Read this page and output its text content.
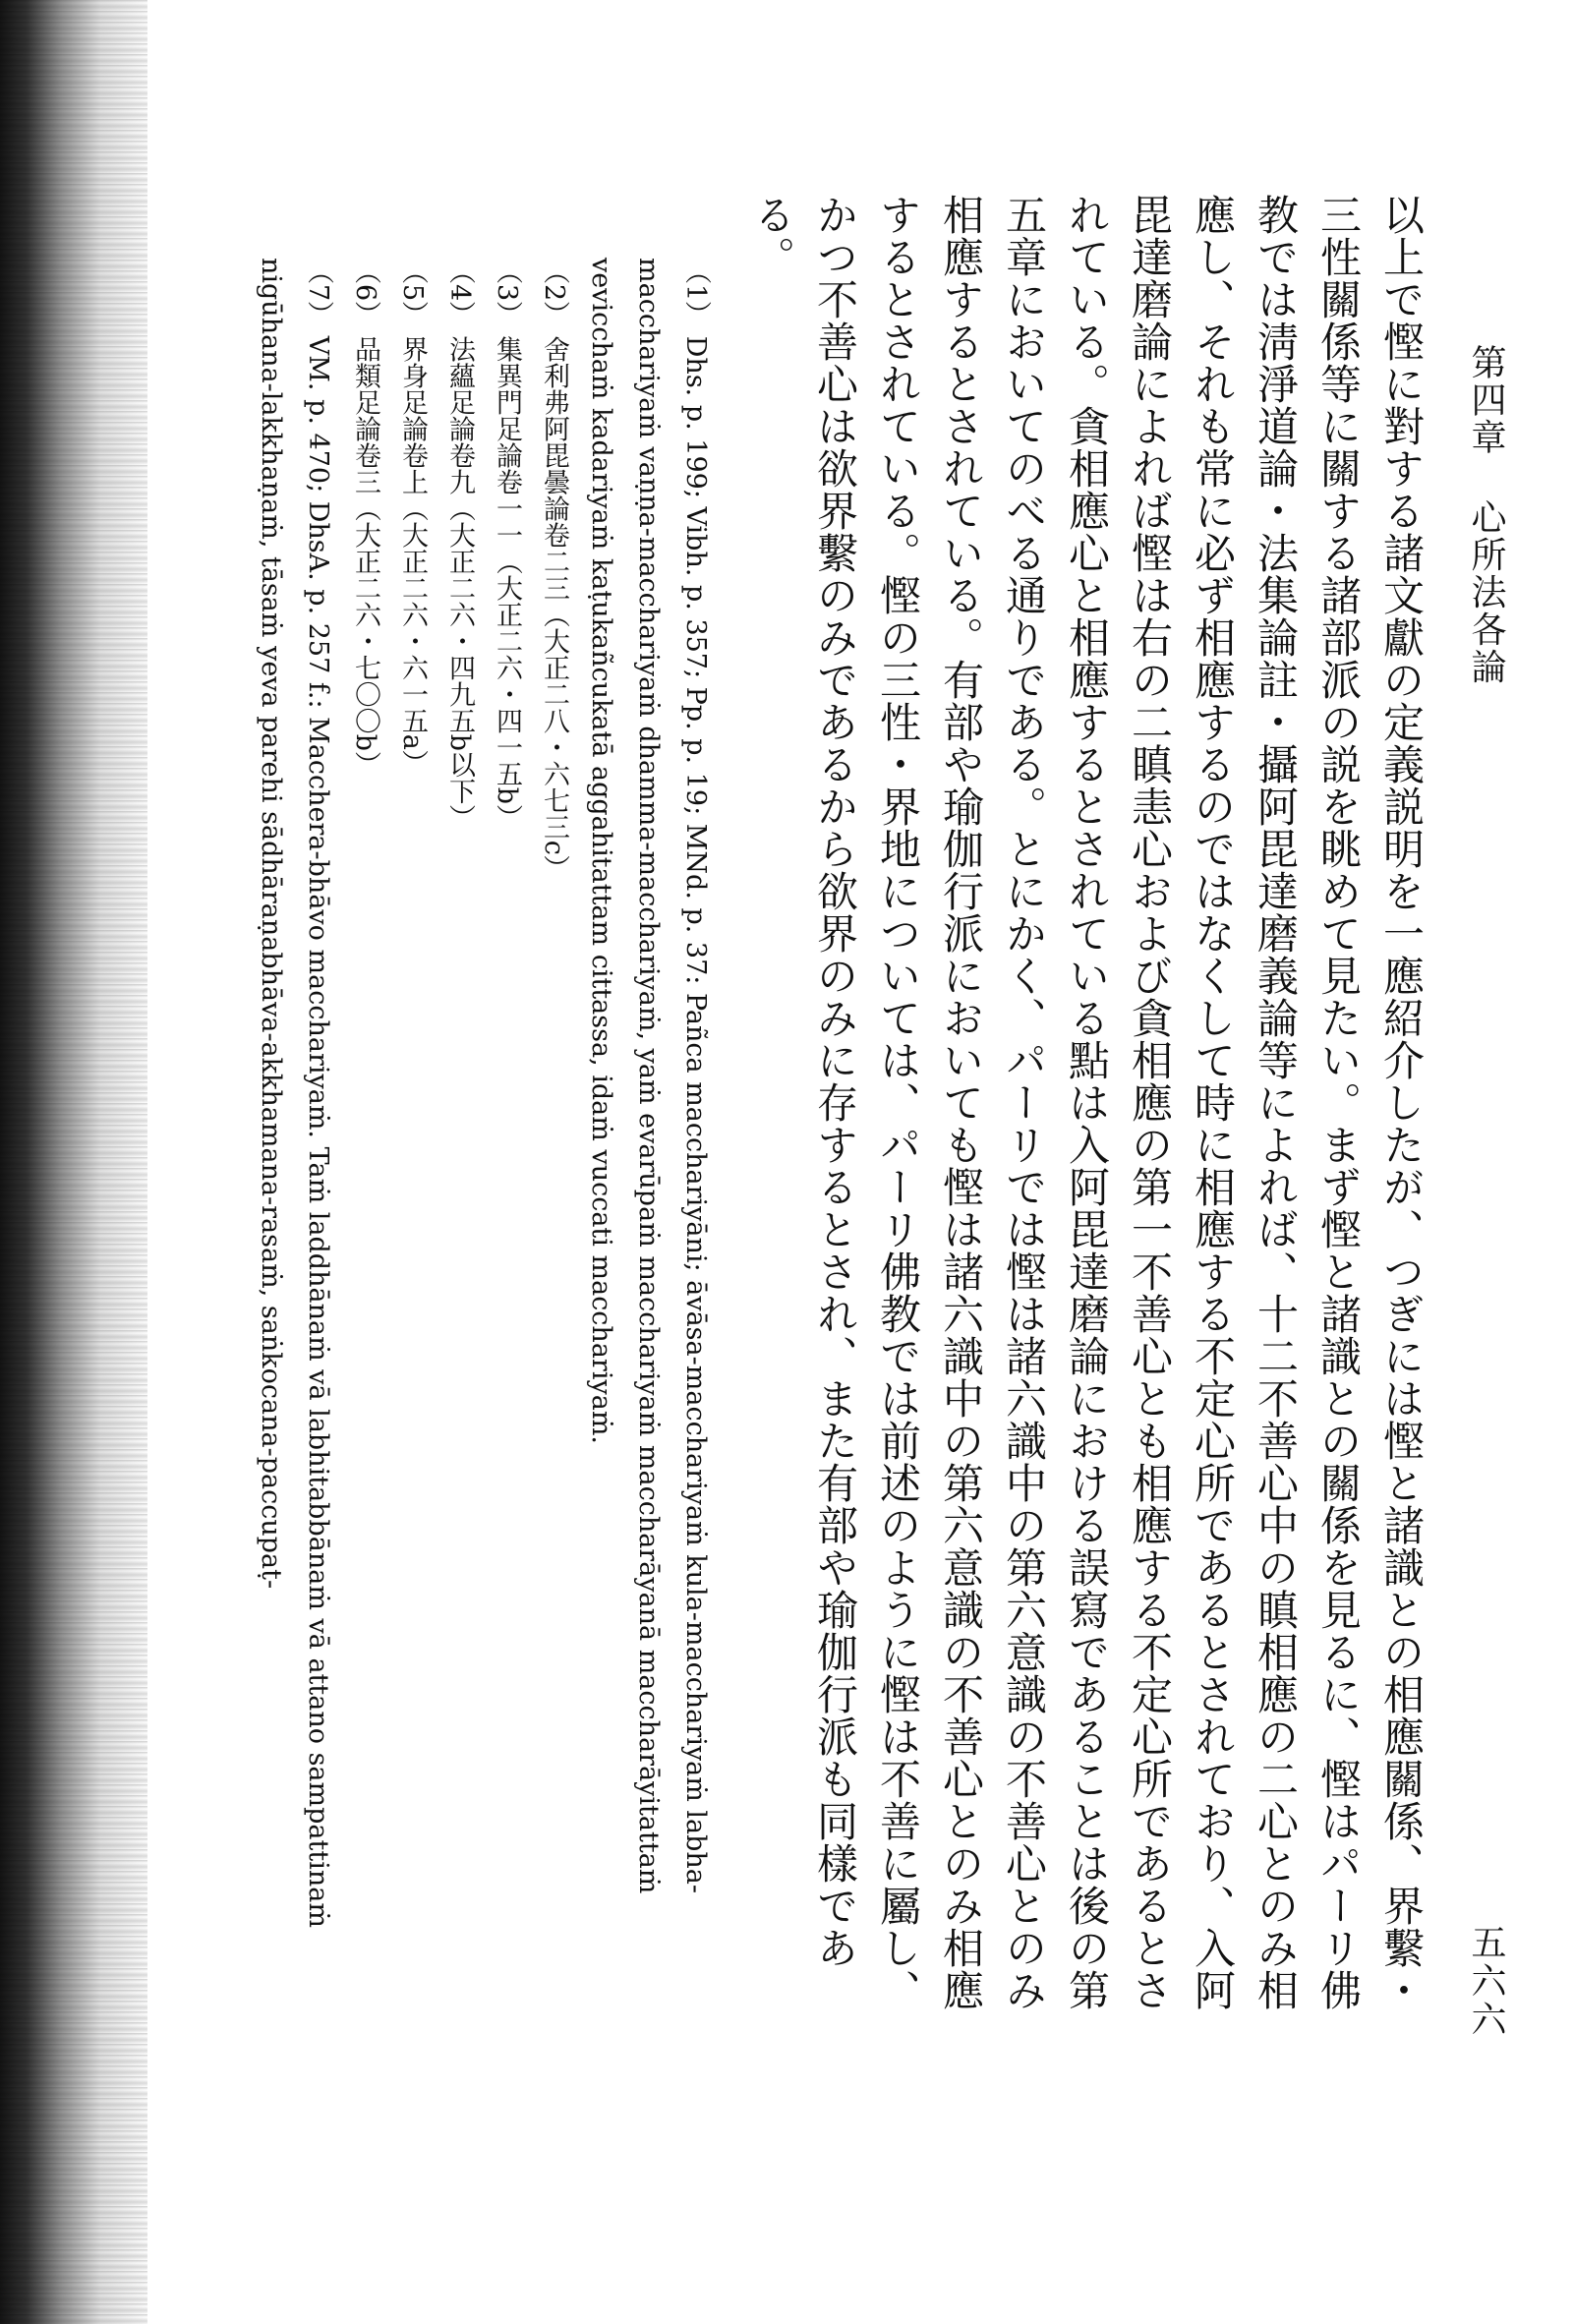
第四章 心所法各論
五六六

以上で慳に對する諸文獻の定義説明を一應紹介したが、つぎには慳と諸識との相應關係、界繫・三性關係等に關する諸部派の説を眺めて見たい。まず慳と諸識との關係を見るに、慳はパーリ佛教では淸淨道論・法集論註・攝阿毘達磨義論等によれば、十二不善心中の瞋相應の二心とのみ相應し、それも常に必ず相應するのではなくして時に相應する不定心所であるとされており、入阿毘達磨論によれば慳は右の二瞋恚心および貪相應の第一不善心とも相應する不定心所であるとされている。貪相應心と相應するとされている點は入阿毘達磨論における誤寫であることは後の第五章においてのべる通りである。とにかく、パーリでは慳は諸六識中の第六意識の不善心とのみ相應するとされている。有部や瑜伽行派においても慳は諸六識中の第六意識の不善心とのみ相應するとされている。慳の三性・界地については、パーリ佛教では前述のように慳は不善に屬し、かつ不善心は欲界繫のみであるから欲界のみに存するとされ、また有部や瑜伽行派も同樣である。

（1） Dhs. p. 199; Vibh. p. 357; Pp. p. 19; MNd. p. 37: Pañca macchariyāni; āvāsa-macchariyaṁ kula-macchariyaṁ labha-macchariyaṁ vaṇṇa-macchariyaṁ dhamma-macchariyaṁ, yaṁ evarūpaṁ macchariyaṁ maccharāyanā maccharāyitattaṁ vevicchaṁ kadariyaṁ kaṭukañcukatā aggahitattam cittassa, idaṁ vuccati macchariyaṁ.
（2） 舍利弗阿毘曇論卷二三（大正二八・六七三c）
（3） 集異門足論卷一一（大正二六・四一五b）
（4） 法蘊足論卷九（大正二六・四九五b以下）
（5） 界身足論卷上（大正二六・六一五a）
（6） 品類足論卷三（大正二六・七〇〇b）
（7） VM. p. 470; DhsA. p. 257 f.: Macchera-bhāvo macchariyaṁ. Taṁ laddhānaṁ vā labhitabbānaṁ vā attano sampattinaṁ nigūhana-lakkhaṇaṁ, tāsaṁ yeva parehi sādhāraṇabhāva-akkhamana-rasaṁ, saṅkocana-paccupaṭ-
